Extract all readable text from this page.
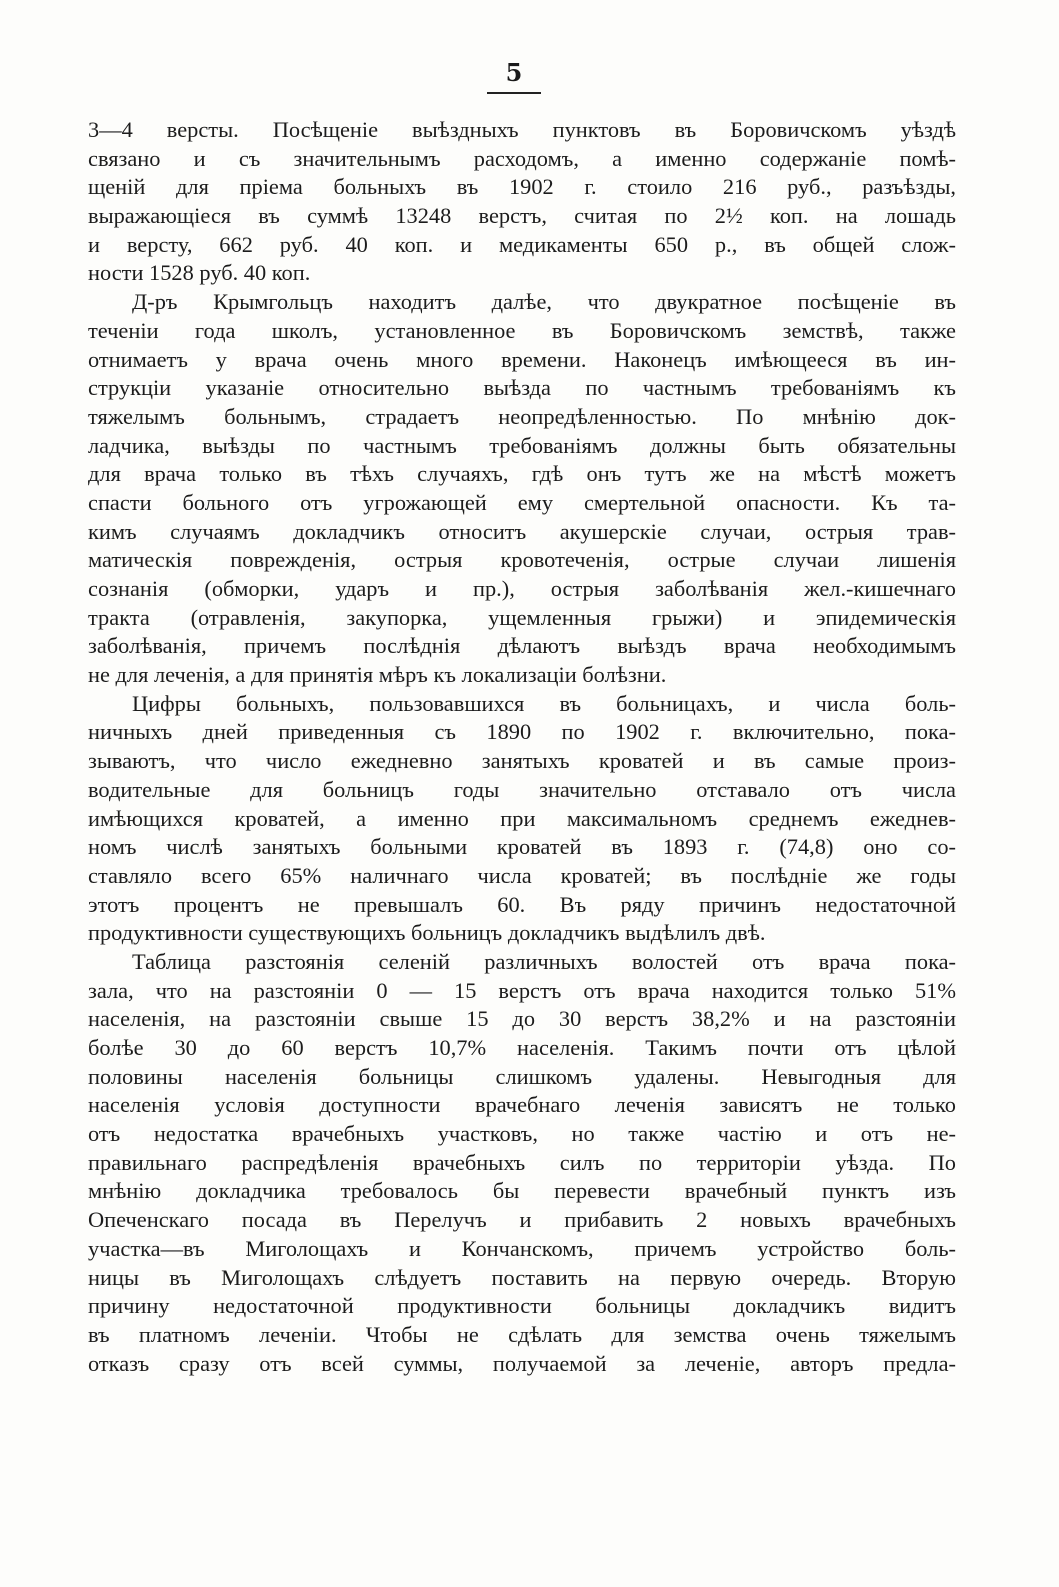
5
3—4 версты. Посѣщеніе выѣздныхъ пунктовъ въ Боровичскомъ уѣздѣ
связано и съ значительнымъ расходомъ, а именно содержаніе помѣ-
щеній для пріема больныхъ въ 1902 г. стоило 216 руб., разъѣзды,
выражающіеся въ суммѣ 13248 верстъ, считая по 2½ коп. на лошадь
и версту, 662 руб. 40 коп. и медикаменты 650 р., въ общей слож-
ности 1528 руб. 40 коп.
Д-ръ Крымгольцъ находитъ далѣе, что двукратное посѣщеніе въ
теченіи года школъ, установленное въ Боровичскомъ земствѣ, также
отнимаетъ у врача очень много времени. Наконецъ имѣющееся въ ин-
струкціи указаніе относительно выѣзда по частнымъ требованіямъ къ
тяжелымъ больнымъ, страдаетъ неопредѣленностью. По мнѣнію док-
ладчика, выѣзды по частнымъ требованіямъ должны быть обязательны
для врача только въ тѣхъ случаяхъ, гдѣ онъ тутъ же на мѣстѣ можетъ
спасти больного отъ угрожающей ему смертельной опасности. Къ та-
кимъ случаямъ докладчикъ относитъ акушерскіе случаи, острыя трав-
матическія поврежденія, острыя кровотеченія, острые случаи лишенія
сознанія (обморки, ударъ и пр.), острыя заболѣванія жел.-кишечнаго
тракта (отравленія, закупорка, ущемленныя грыжи) и эпидемическія
заболѣванія, причемъ послѣднія дѣлаютъ выѣздъ врача необходимымъ
не для леченія, а для принятія мѣръ къ локализаціи болѣзни.
Цифры больныхъ, пользовавшихся въ больницахъ, и числа боль-
ничныхъ дней приведенныя съ 1890 по 1902 г. включительно, пока-
зываютъ, что число ежедневно занятыхъ кроватей и въ самые произ-
водительные для больницъ годы значительно отставало отъ числа
имѣющихся кроватей, а именно при максимальномъ среднемъ ежеднев-
номъ числѣ занятыхъ больными кроватей въ 1893 г. (74,8) оно со-
ставляло всего 65% наличнаго числа кроватей; въ послѣдніе же годы
этотъ процентъ не превышалъ 60. Въ ряду причинъ недостаточной
продуктивности существующихъ больницъ докладчикъ выдѣлилъ двѣ.
Таблица разстоянія селеній различныхъ волостей отъ врача пока-
зала, что на разстояніи 0 — 15 верстъ отъ врача находится только 51%
населенія, на разстояніи свыше 15 до 30 верстъ 38,2% и на разстояніи
болѣе 30 до 60 верстъ 10,7% населенія. Такимъ почти отъ цѣлой
половины населенія больницы слишкомъ удалены. Невыгодныя для
населенія условія доступности врачебнаго леченія зависятъ не только
отъ недостатка врачебныхъ участковъ, но также частію и отъ не-
правильнаго распредѣленія врачебныхъ силъ по территоріи уѣзда. По
мнѣнію докладчика требовалось бы перевести врачебный пунктъ изъ
Опеченскаго посада въ Перелучъ и прибавить 2 новыхъ врачебныхъ
участка—въ Миголощахъ и Кончанскомъ, причемъ устройство боль-
ницы въ Миголощахъ слѣдуетъ поставить на первую очередь. Вторую
причину недостаточной продуктивности больницы докладчикъ видитъ
въ платномъ леченіи. Чтобы не сдѣлать для земства очень тяжелымъ
отказъ сразу отъ всей суммы, получаемой за леченіе, авторъ предла-
